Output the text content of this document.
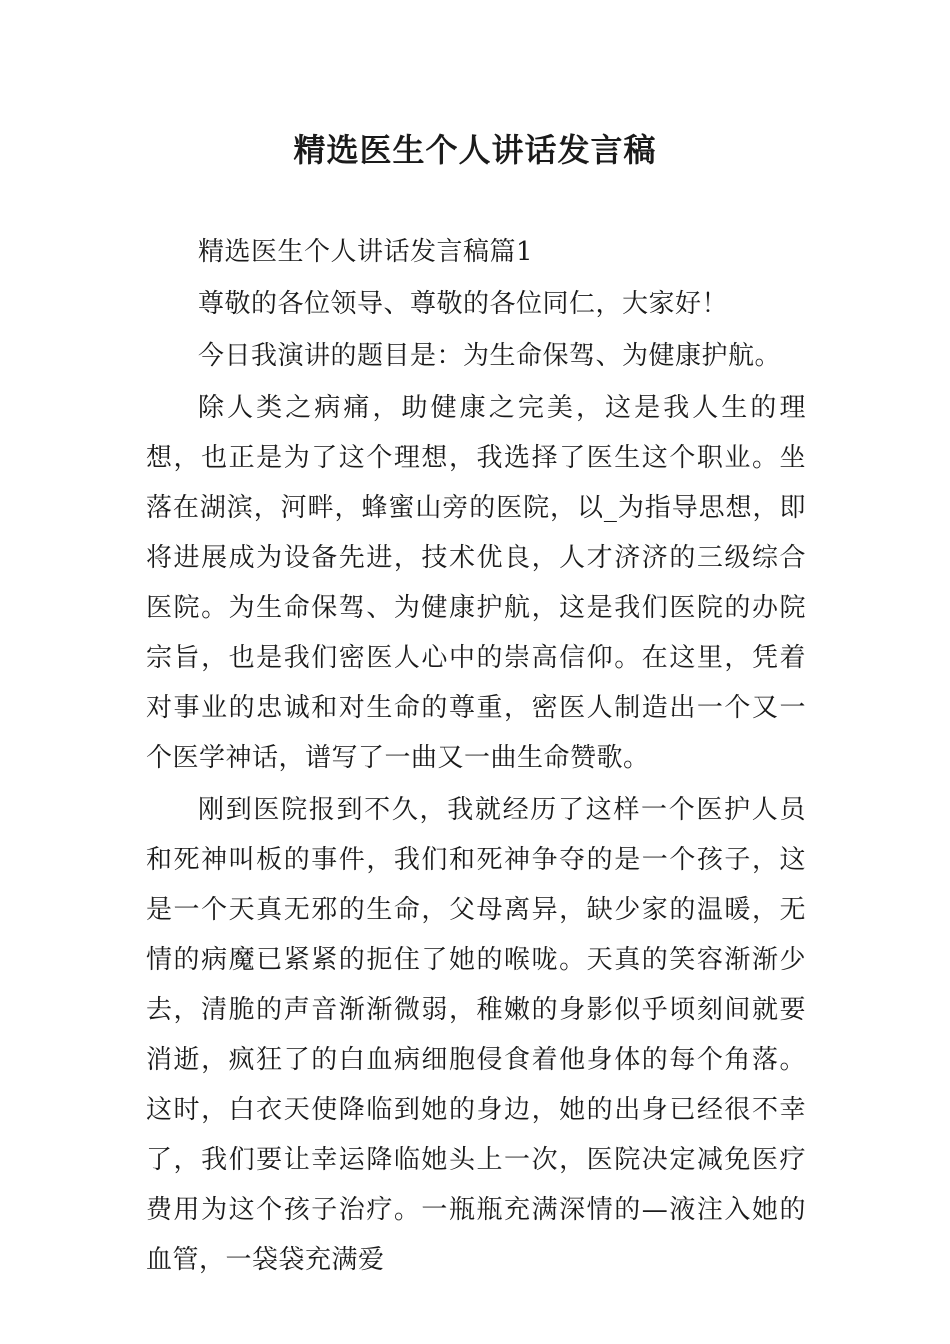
精选医生个人讲话发言稿

精选医生个人讲话发言稿篇1

尊敬的各位领导、尊敬的各位同仁，大家好！

今日我演讲的题目是：为生命保驾、为健康护航。

除人类之病痛，助健康之完美，这是我人生的理想，也正是为了这个理想，我选择了医生这个职业。坐落在湖滨，河畔，蜂蜜山旁的医院，以_为指导思想，即将进展成为设备先进，技术优良，人才济济的三级综合医院。为生命保驾、为健康护航，这是我们医院的办院宗旨，也是我们密医人心中的崇高信仰。在这里，凭着对事业的忠诚和对生命的尊重，密医人制造出一个又一个医学神话，谱写了一曲又一曲生命赞歌。

刚到医院报到不久，我就经历了这样一个医护人员和死神叫板的事件，我们和死神争夺的是一个孩子，这是一个天真无邪的生命，父母离异，缺少家的温暖，无情的病魔已紧紧的扼住了她的喉咙。天真的笑容渐渐少去，清脆的声音渐渐微弱，稚嫩的身影似乎顷刻间就要消逝，疯狂了的白血病细胞侵食着他身体的每个角落。这时，白衣天使降临到她的身边，她的出身已经很不幸了，我们要让幸运降临她头上一次，医院决定减免医疗费用为这个孩子治疗。一瓶瓶充满深情的—液注入她的血管，一袋袋充满爱
